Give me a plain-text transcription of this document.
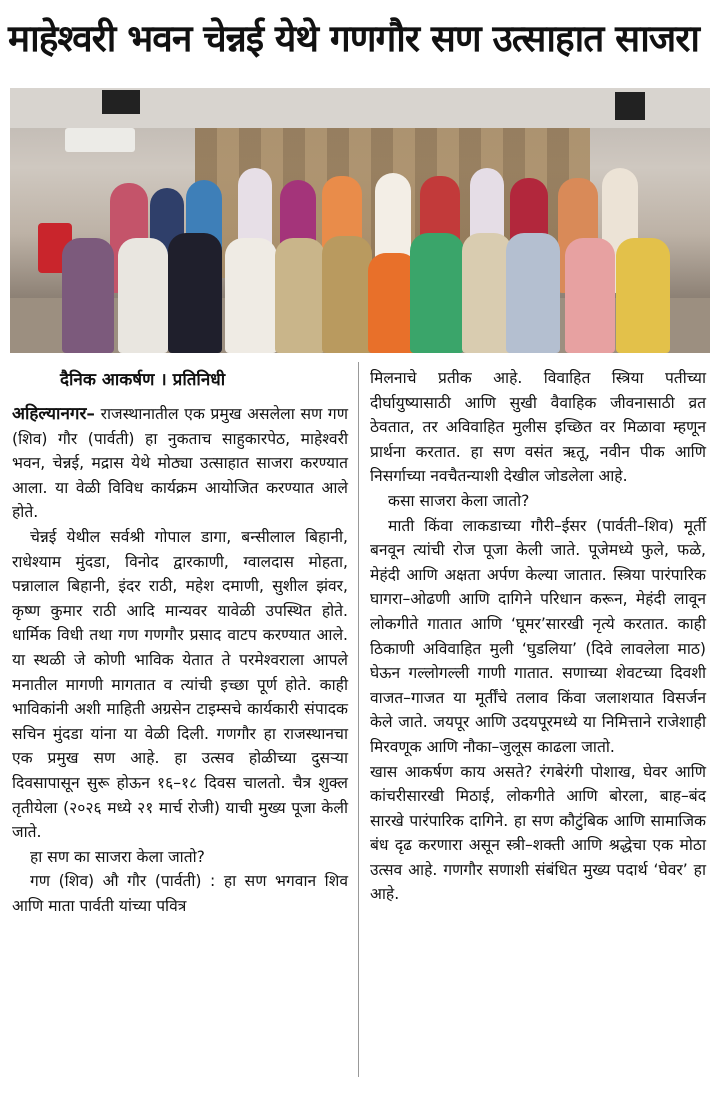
माहेश्वरी भवन चेन्नई येथे गणगौर सण उत्साहात साजरा
दैनिक आकर्षण । प्रतिनिधी

अहिल्यानगर– राजस्थानातील एक प्रमुख असलेला सण गण (शिव) गौर (पार्वती) हा नुकताच साहुकारपेठ, माहेश्वरी भवन, चेन्नई, मद्रास येथे मोठ्या उत्साहात साजरा करण्यात आला. या वेळी विविध कार्यक्रम आयोजित करण्यात आले होते.

चेन्नई येथील सर्वश्री गोपाल डागा, बन्सीलाल बिहानी, राधेश्याम मुंदडा, विनोद द्वारकाणी, ग्वालदास मोहता, पन्नालाल बिहानी, इंदर राठी, महेश दमाणी, सुशील झंवर, कृष्ण कुमार राठी आदि मान्यवर यावेळी उपस्थित होते. धार्मिक विधी तथा गण गणगौर प्रसाद वाटप करण्यात आले. या स्थळी जे कोणी भाविक येतात ते परमेश्वराला आपले मनातील मागणी मागतात व त्यांची इच्छा पूर्ण होते. काही भाविकांनी अशी माहिती अग्रसेन टाइम्सचे कार्यकारी संपादक सचिन मुंदडा यांना या वेळी दिली. गणगौर हा राजस्थानचा एक प्रमुख सण आहे. हा उत्सव होळीच्या दुसर्‍या दिवसापासून सुरू होऊन १६–१८ दिवस चालतो. चैत्र शुक्ल तृतीयेला (२०२६ मध्ये २१ मार्च रोजी) याची मुख्य पूजा केली जाते.

हा सण का साजरा केला जातो?

गण (शिव) औ गौर (पार्वती) : हा सण भगवान शिव आणि माता पार्वती यांच्या पवित्र

मिलनाचे प्रतीक आहे. विवाहित स्त्रिया पतीच्या दीर्घायुष्यासाठी आणि सुखी वैवाहिक जीवनासाठी व्रत ठेवतात, तर अविवाहित मुलीस इच्छित वर मिळावा म्हणून प्रार्थना करतात. हा सण वसंत ऋतू, नवीन पीक आणि निसर्गाच्या नवचैतन्याशी देखील जोडलेला आहे.

कसा साजरा केला जातो?

माती किंवा लाकडाच्या गौरी–ईसर (पार्वती–शिव) मूर्ती बनवून त्यांची रोज पूजा केली जाते. पूजेमध्ये फुले, फळे, मेहंदी आणि अक्षता अर्पण केल्या जातात. स्त्रिया पारंपारिक घागरा–ओढणी आणि दागिने परिधान करून, मेहंदी लावून लोकगीते गातात आणि ‘घूमर’सारखी नृत्ये करतात. काही ठिकाणी अविवाहित मुली ‘घुडलिया’ (दिवे लावलेला माठ) घेऊन गल्लोगल्ली गाणी गातात. सणाच्या शेवटच्या दिवशी वाजत–गाजत या मूर्तींचे तलाव किंवा जलाशयात विसर्जन केले जाते. जयपूर आणि उदयपूरमध्ये या निमित्ताने राजेशाही मिरवणूक आणि नौका–जुलूस काढला जातो.

खास आकर्षण काय असते? रंगबेरंगी पोशाख, घेवर आणि कांचरीसारखी मिठाई, लोकगीते आणि बोरला, बाह–बंद सारखे पारंपारिक दागिने. हा सण कौटुंबिक आणि सामाजिक बंध दृढ करणारा असून स्त्री–शक्ती आणि श्रद्धेचा एक मोठा उत्सव आहे. गणगौर सणाशी संबंधित मुख्य पदार्थ ‘घेवर’ हा आहे.
